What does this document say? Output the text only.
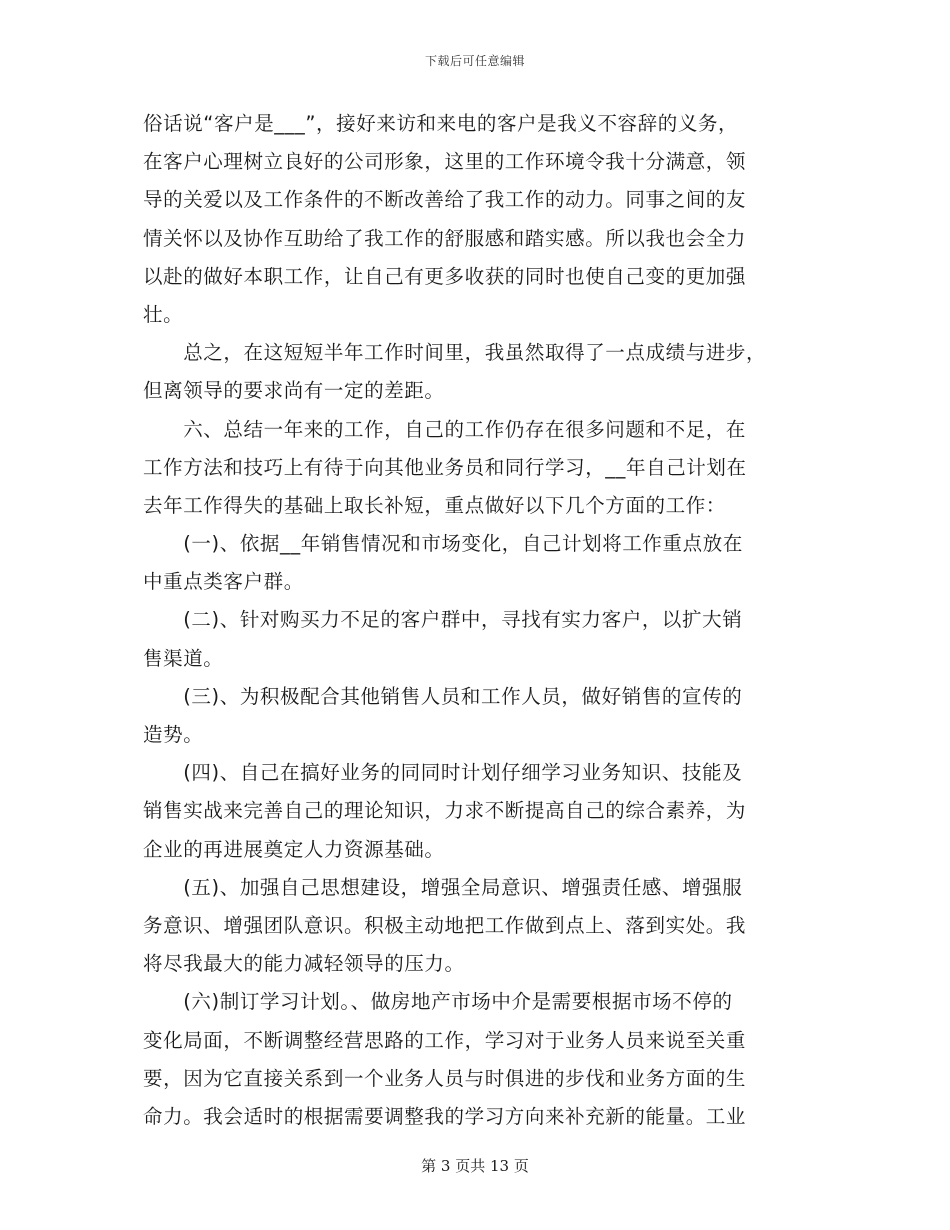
下载后可任意编辑
俗话说“客户是___”，接好来访和来电的客户是我义不容辞的义务，
在客户心理树立良好的公司形象，这里的工作环境令我十分满意，领
导的关爱以及工作条件的不断改善给了我工作的动力。同事之间的友
情关怀以及协作互助给了我工作的舒服感和踏实感。所以我也会全力
以赴的做好本职工作，让自己有更多收获的同时也使自己变的更加强
壮。
　　总之，在这短短半年工作时间里，我虽然取得了一点成绩与进步，
但离领导的要求尚有一定的差距。
　　六、总结一年来的工作，自己的工作仍存在很多问题和不足，在
工作方法和技巧上有待于向其他业务员和同行学习，__年自己计划在
去年工作得失的基础上取长补短，重点做好以下几个方面的工作：
　　(一)、依据__年销售情况和市场变化，自己计划将工作重点放在
中重点类客户群。
　　(二)、针对购买力不足的客户群中，寻找有实力客户，以扩大销
售渠道。
　　(三)、为积极配合其他销售人员和工作人员，做好销售的宣传的
造势。
　　(四)、自己在搞好业务的同同时计划仔细学习业务知识、技能及
销售实战来完善自己的理论知识，力求不断提高自己的综合素养，为
企业的再进展奠定人力资源基础。
　　(五)、加强自己思想建设，增强全局意识、增强责任感、增强服
务意识、增强团队意识。积极主动地把工作做到点上、落到实处。我
将尽我最大的能力减轻领导的压力。
　　(六)制订学习计划。、做房地产市场中介是需要根据市场不停的
变化局面，不断调整经营思路的工作，学习对于业务人员来说至关重
要，因为它直接关系到一个业务人员与时俱进的步伐和业务方面的生
命力。我会适时的根据需要调整我的学习方向来补充新的能量。工业
第 3 页共 13 页
